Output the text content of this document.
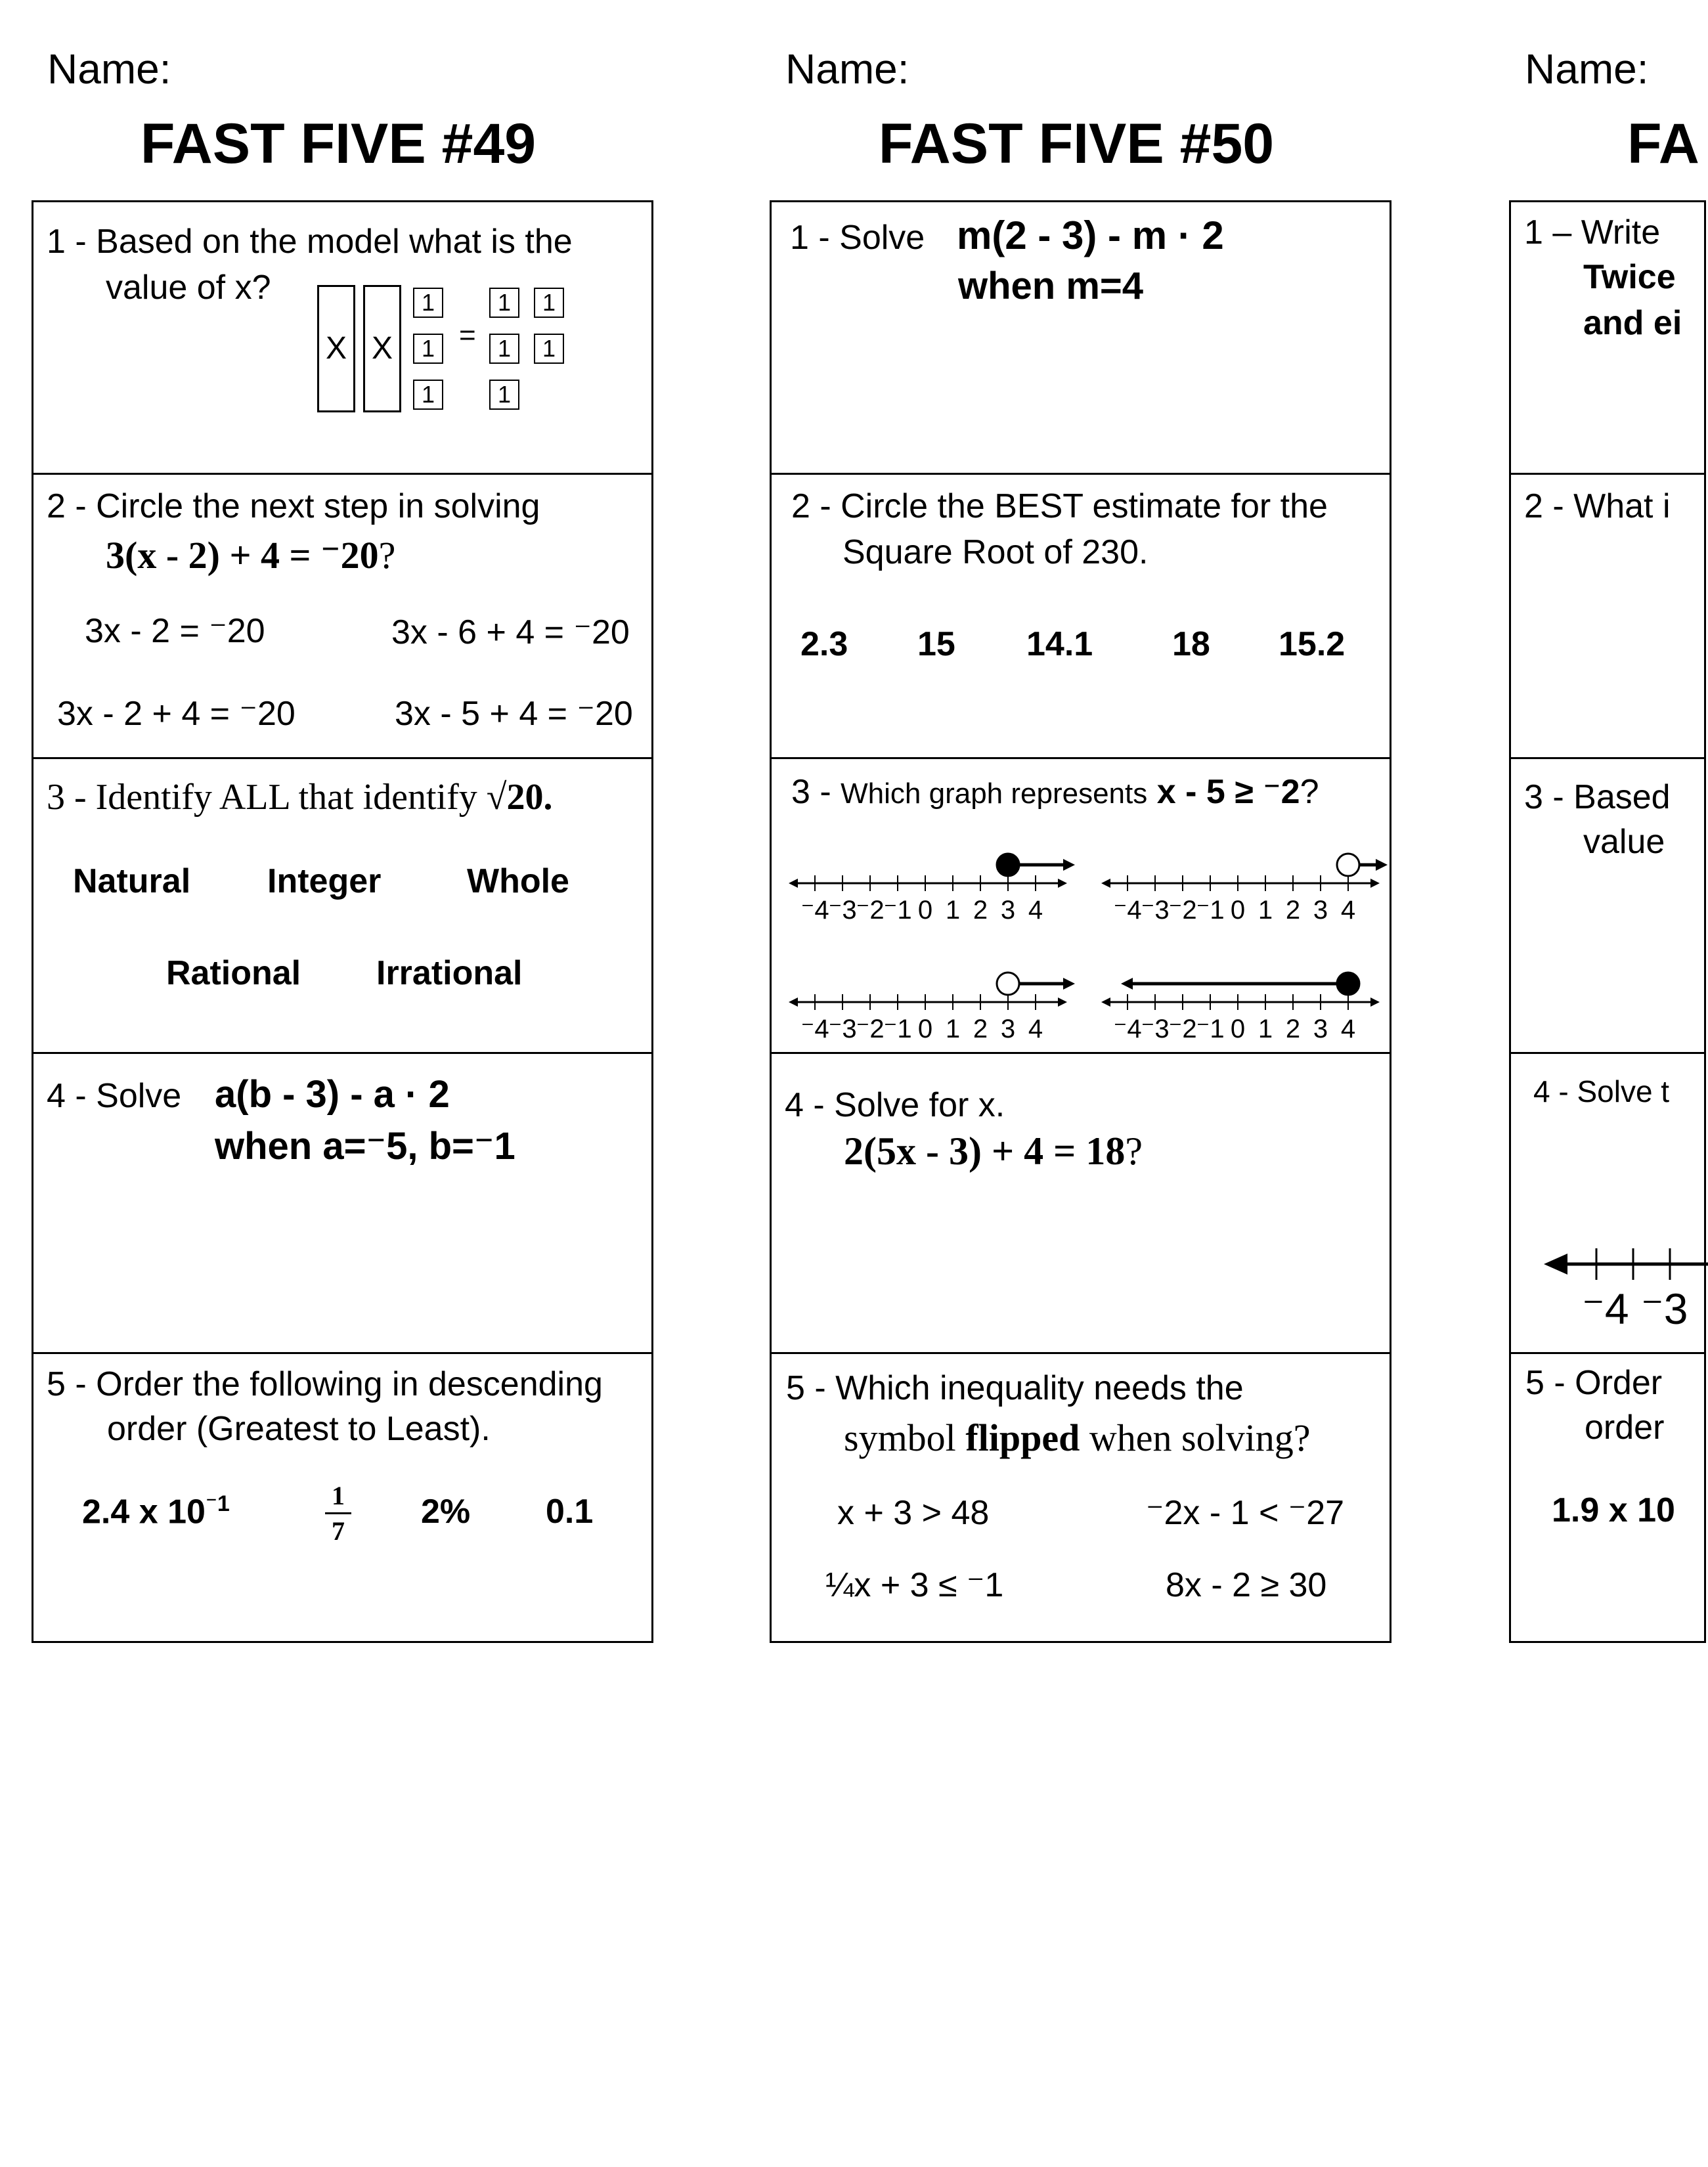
Name:
FAST FIVE #49
1 - Based on the model what is the
value of x?
X X
1
1
1
=
1	1
1	1
1
2 - Circle the next step in solving
3(x - 2) + 4 = ⁻20?
3x - 2 = ⁻20	3x - 6 + 4 = ⁻20
3x - 2 + 4 = ⁻20	3x - 5 + 4 = ⁻20
3 - Identify ALL that identify √20.
Natural Integer	Whole
Rational Irrational
4 - Solve a(b - 3) - a · 2
when a=⁻5, b=⁻1
5 - Order the following in descending
order (Greatest to Least).
2.4 x $10^{^-1}$	1
7
2% 0.1
Name:
FAST FIVE #50
1 - Solve m(2 - 3) - m · 2
when m=4
2 - Circle the BEST estimate for the
Square Root of 230.
2.3 15 14.1 18 15.2
3 - Which graph represents x - 5 ≥ ⁻2?
⁻4
⁻3
⁻2
⁻1 0 1 2 3 4	⁻4
⁻3
⁻2
⁻1 0 1 2 3 4
⁻4
⁻3
⁻2
⁻1 0 1 2 3 4	⁻4
⁻3
⁻2
⁻1 0 1 2 3 4
4 - Solve for x.
2(5x - 3) + 4 = 18?
5 - Which inequality needs the
symbol flipped when solving?
x + 3 > 48	⁻2x - 1 < ⁻27
¼x + 3 ≤ ⁻1	8x - 2 ≥ 30
Name:
FA
1 – Write
Twice
and ei
2 - What i
3 - Based
value
4 - Solve t
⁻4 ⁻3
5 - Order
order
1.9 x 10
